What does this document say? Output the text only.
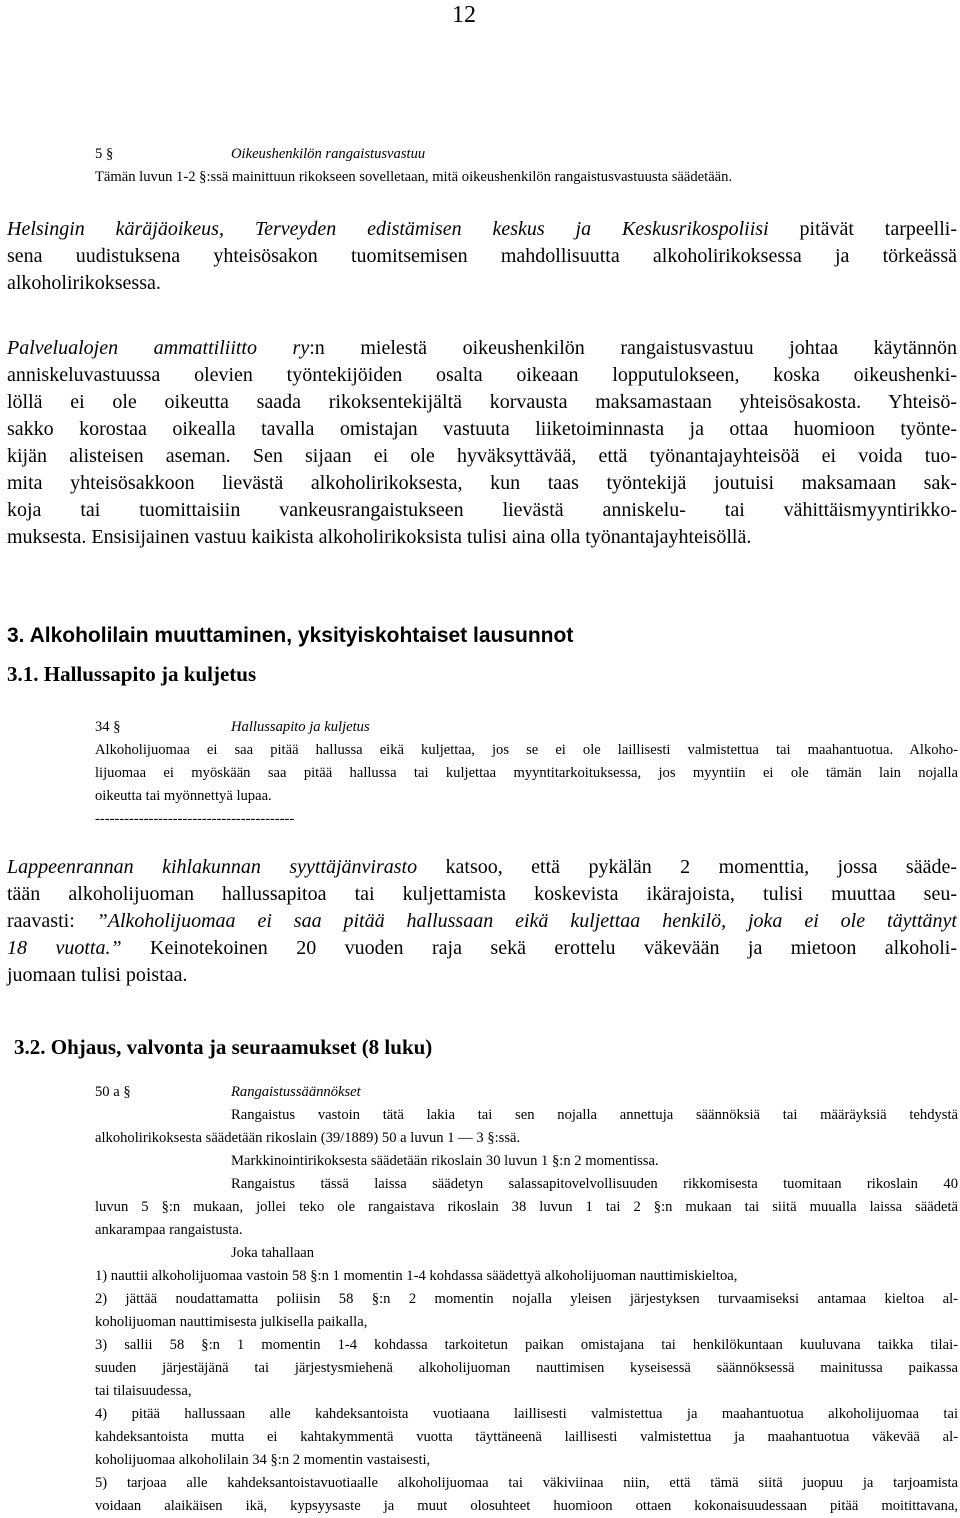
12
5 §	Oikeushenkilön rangaistusvastuu
Tämän luvun 1-2 §:ssä mainittuun rikokseen sovelletaan, mitä oikeushenkilön rangaistusvastuusta säädetään.
Helsingin käräjäoikeus, Terveyden edistämisen keskus ja Keskusrikospoliisi pitävät tarpeelli-
sena uudistuksena yhteisösakon tuomitsemisen mahdollisuutta alkoholirikoksessa ja törkeässä
alkoholirikoksessa.
Palvelualojen ammattiliitto ry:n mielestä oikeushenkilön rangaistusvastuu johtaa käytännön
anniskeluvastuussa olevien työntekijöiden osalta oikeaan lopputulokseen, koska oikeushenki-
löllä ei ole oikeutta saada rikoksentekijältä korvausta maksamastaan yhteisösakosta. Yhteisö-
sakko korostaa oikealla tavalla omistajan vastuuta liiketoiminnasta ja ottaa huomioon työnte-
kijän alisteisen aseman. Sen sijaan ei ole hyväksyttävää, että työnantajayhteisöä ei voida tuo-
mita yhteisösakkoon lievästä alkoholirikoksesta, kun taas työntekijä joutuisi maksamaan sak-
koja tai tuomittaisiin vankeusrangaistukseen lievästä anniskelu- tai vähittäismyyntirikko-
muksesta. Ensisijainen vastuu kaikista alkoholirikoksista tulisi aina olla työnantajayhteisöllä.
3. Alkoholilain muuttaminen, yksityiskohtaiset lausunnot
3.1. Hallussapito ja kuljetus
34 §	Hallussapito ja kuljetus
Alkoholijuomaa ei saa pitää hallussa eikä kuljettaa, jos se ei ole laillisesti valmistettua tai maahantuotua. Alkoho-
lijuomaa ei myöskään saa pitää hallussa tai kuljettaa myyntitarkoituksessa, jos myyntiin ei ole tämän lain nojalla
oikeutta tai myönnettyä lupaa.
-----------------------------------------
Lappeenrannan kihlakunnan syyttäjänvirasto katsoo, että pykälän 2 momenttia, jossa sääde-
tään alkoholijuoman hallussapitoa tai kuljettamista koskevista ikärajoista, tulisi muuttaa seu-
raavasti: ”Alkoholijuomaa ei saa pitää hallussaan eikä kuljettaa henkilö, joka ei ole täyttänyt
18 vuotta.” Keinotekoinen 20 vuoden raja sekä erottelu väkevään ja mietoon alkoholi-
juomaan tulisi poistaa.
3.2. Ohjaus, valvonta ja seuraamukset (8 luku)
50 a §	Rangaistussäännökset
Rangaistus vastoin tätä lakia tai sen nojalla annettuja säännöksiä tai määräyksiä tehdystä
alkoholirikoksesta säädetään rikoslain (39/1889) 50 a luvun 1 — 3 §:ssä.
Markkinointirikoksesta säädetään rikoslain 30 luvun 1 §:n 2 momentissa.
Rangaistus tässä laissa säädetyn salassapitovelvollisuuden rikkomisesta tuomitaan rikoslain 40
luvun 5 §:n mukaan, jollei teko ole rangaistava rikoslain 38 luvun 1 tai 2 §:n mukaan tai siitä muualla laissa säädetä
ankarampaa rangaistusta.
Joka tahallaan
1) nauttii alkoholijuomaa vastoin 58 §:n 1 momentin 1-4 kohdassa säädettyä alkoholijuoman nauttimiskieltoa,
2) jättää noudattamatta poliisin 58 §:n 2 momentin nojalla yleisen järjestyksen turvaamiseksi antamaa kieltoa al-
koholijuoman nauttimisesta julkisella paikalla,
3) sallii 58 §:n 1 momentin 1-4 kohdassa tarkoitetun paikan omistajana tai henkilökuntaan kuuluvana taikka tilai-
suuden järjestäjänä tai järjestysmiehenä alkoholijuoman nauttimisen kyseisessä säännöksessä mainitussa paikassa
tai tilaisuudessa,
4) pitää hallussaan alle kahdeksantoista vuotiaana laillisesti valmistettua ja maahantuotua alkoholijuomaa tai
kahdeksantoista mutta ei kahtakymmentä vuotta täyttäneenä laillisesti valmistettua ja maahantuotua väkevää al-
koholijuomaa alkoholilain 34 §:n 2 momentin vastaisesti,
5) tarjoaa alle kahdeksantoistavuotiaalle alkoholijuomaa tai väkiviinaa niin, että tämä siitä juopuu ja tarjoamista
voidaan alaikäisen ikä, kypsyysaste ja muut olosuhteet huomioon ottaen kokonaisuudessaan pitää moitittavana,
